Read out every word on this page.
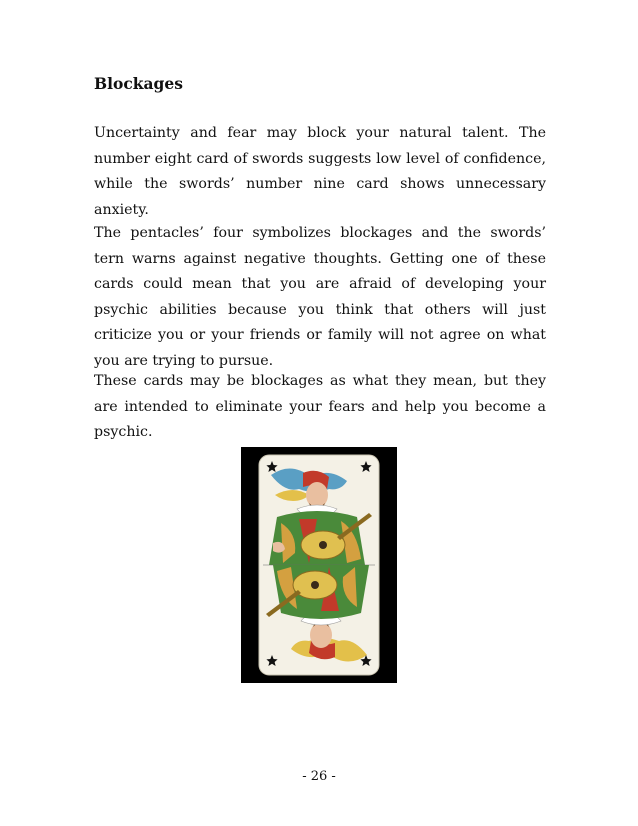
Blockages

Uncertainty and fear may block your natural talent. The number eight card of swords suggests low level of confidence, while the swords’ number nine card shows unnecessary anxiety.

The pentacles’ four symbolizes blockages and the swords’ tern warns against negative thoughts. Getting one of these cards could mean that you are afraid of developing your psychic abilities because you think that others will just criticize you or your friends or family will not agree on what you are trying to pursue.

These cards may be blockages as what they mean, but they are intended to eliminate your fears and help you become a psychic.

- 26 -
